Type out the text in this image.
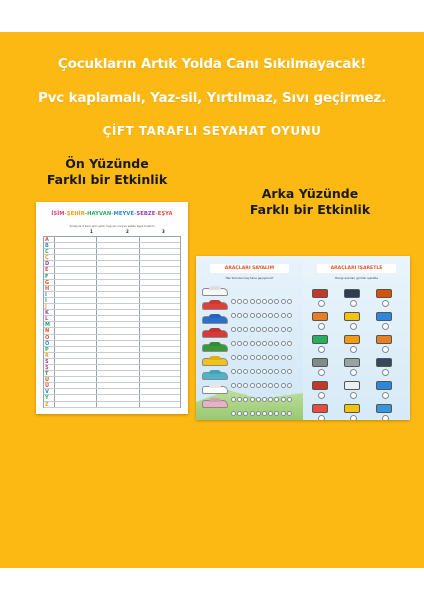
Çocukların Artık Yolda Canı Sıkılmayacak!
Pvc kaplamalı, Yaz-sil, Yırtılmaz, Sıvı geçirmez.
ÇİFT TARAFLI SEYAHAT OYUNU
Ön Yüzünde
Farklı bir Etkinlik
Arka Yüzünde
Farklı bir Etkinlik
İSİM-ŞEHİR-HAYVAN-MEYVE-SEBZE-EŞYA
Sırasıyla 3 kere isim şehir hayvan meyve sebze eşya bulalım
1	2	3
A
B
C
Ç
D
E
F
G
H
I
İ
J
K
L
M
N
O
Ö
P
R
S
Ş
T
U
Ü
V
Y
Z
ARAÇLARI SAYALIM
Her birinden kaç tane geçiyoruz?
ARAÇLARI İŞARETLE
Hangi aracları gördün işaretle
